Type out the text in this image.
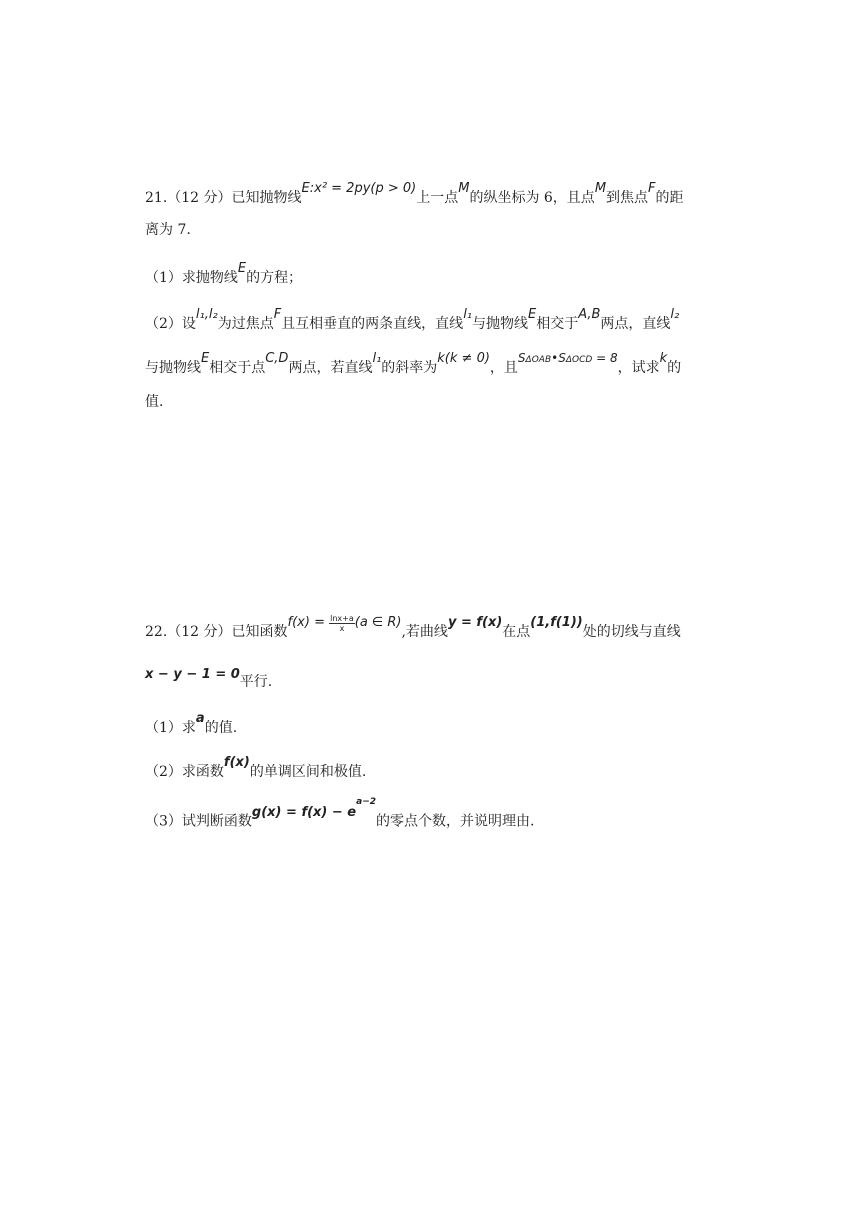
21.（12 分）已知抛物线E:x² = 2py(p > 0)上一点M的纵坐标为 6，且点M到焦点F的距
离为 7.
（1）求抛物线E的方程；
（2）设l₁,l₂为过焦点F且互相垂直的两条直线，直线l₁与抛物线E相交于A,B两点，直线l₂
与抛物线E相交于点C,D两点，若直线l₁的斜率为k(k ≠ 0)，且SΔOAB•SΔOCD = 8，试求k的
值.
22.（12 分）已知函数$f(x) = \frac{\ln x+a}{x} (a$ ∈ R),若曲线y = f(x)在点(1,f(1))处的切线与直线
x − y − 1 = 0平行.
（1）求a的值.
（2）求函数f(x)的单调区间和极值.
（3）试判断函数$g(x) = f(x) - e^{a-2}$的零点个数，并说明理由.
